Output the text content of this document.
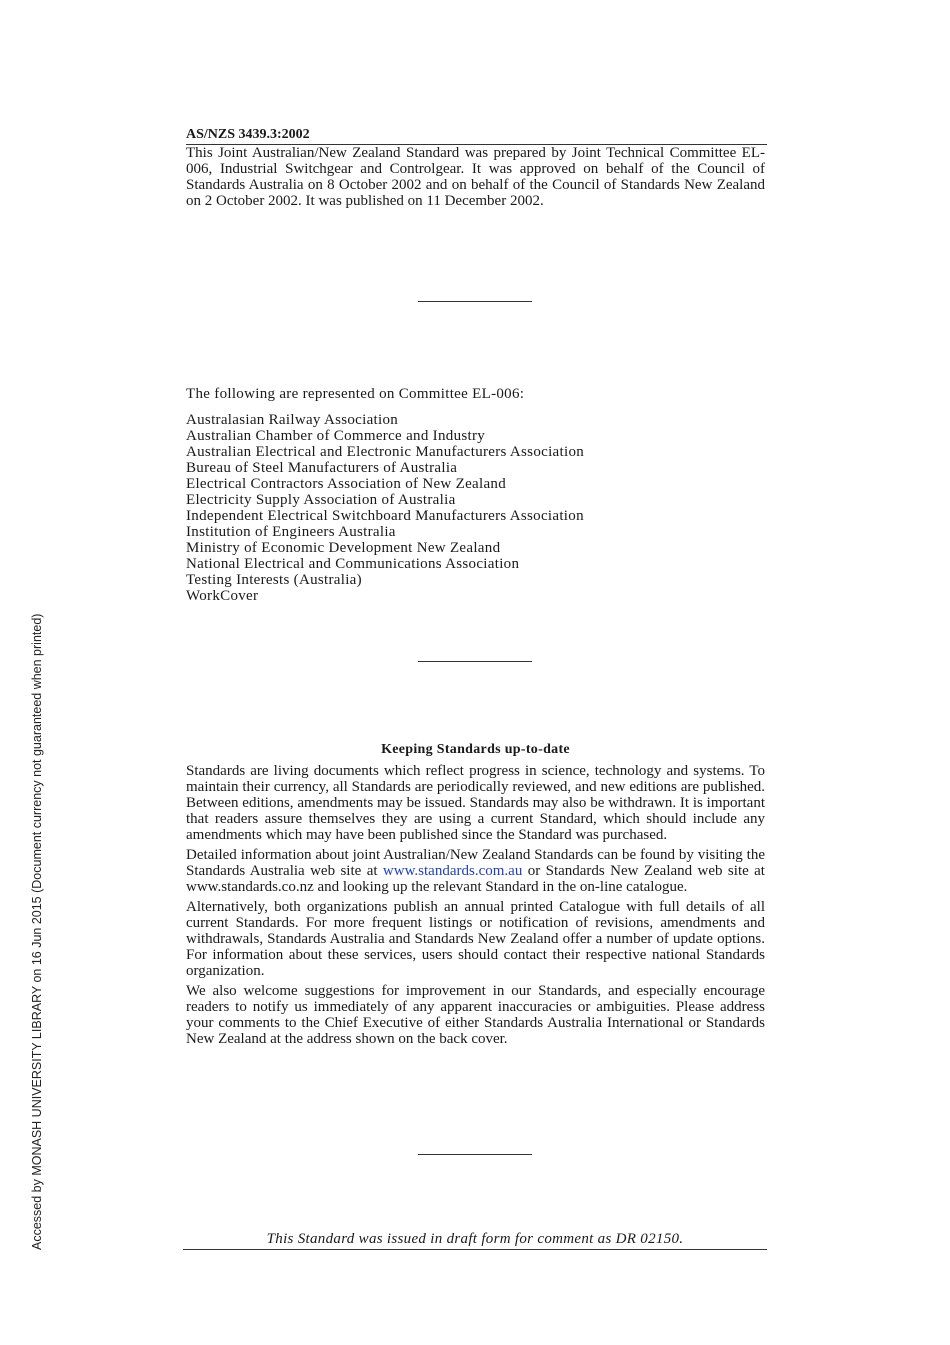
AS/NZS 3439.3:2002

This Joint Australian/New Zealand Standard was prepared by Joint Technical Committee EL-006, Industrial Switchgear and Controlgear. It was approved on behalf of the Council of Standards Australia on 8 October 2002 and on behalf of the Council of Standards New Zealand on 2 October 2002. It was published on 11 December 2002.

The following are represented on Committee EL-006:
Australasian Railway Association
Australian Chamber of Commerce and Industry
Australian Electrical and Electronic Manufacturers Association
Bureau of Steel Manufacturers of Australia
Electrical Contractors Association of New Zealand
Electricity Supply Association of Australia
Independent Electrical Switchboard Manufacturers Association
Institution of Engineers Australia
Ministry of Economic Development New Zealand
National Electrical and Communications Association
Testing Interests (Australia)
WorkCover
Keeping Standards up-to-date

Standards are living documents which reflect progress in science, technology and systems. To maintain their currency, all Standards are periodically reviewed, and new editions are published. Between editions, amendments may be issued. Standards may also be withdrawn. It is important that readers assure themselves they are using a current Standard, which should include any amendments which may have been published since the Standard was purchased.

Detailed information about joint Australian/New Zealand Standards can be found by visiting the Standards Australia web site at www.standards.com.au or Standards New Zealand web site at www.standards.co.nz and looking up the relevant Standard in the on-line catalogue.

Alternatively, both organizations publish an annual printed Catalogue with full details of all current Standards. For more frequent listings or notification of revisions, amendments and withdrawals, Standards Australia and Standards New Zealand offer a number of update options. For information about these services, users should contact their respective national Standards organization.

We also welcome suggestions for improvement in our Standards, and especially encourage readers to notify us immediately of any apparent inaccuracies or ambiguities. Please address your comments to the Chief Executive of either Standards Australia International or Standards New Zealand at the address shown on the back cover.

This Standard was issued in draft form for comment as DR 02150.
Accessed by MONASH UNIVERSITY LIBRARY on 16 Jun 2015 (Document currency not guaranteed when printed)
